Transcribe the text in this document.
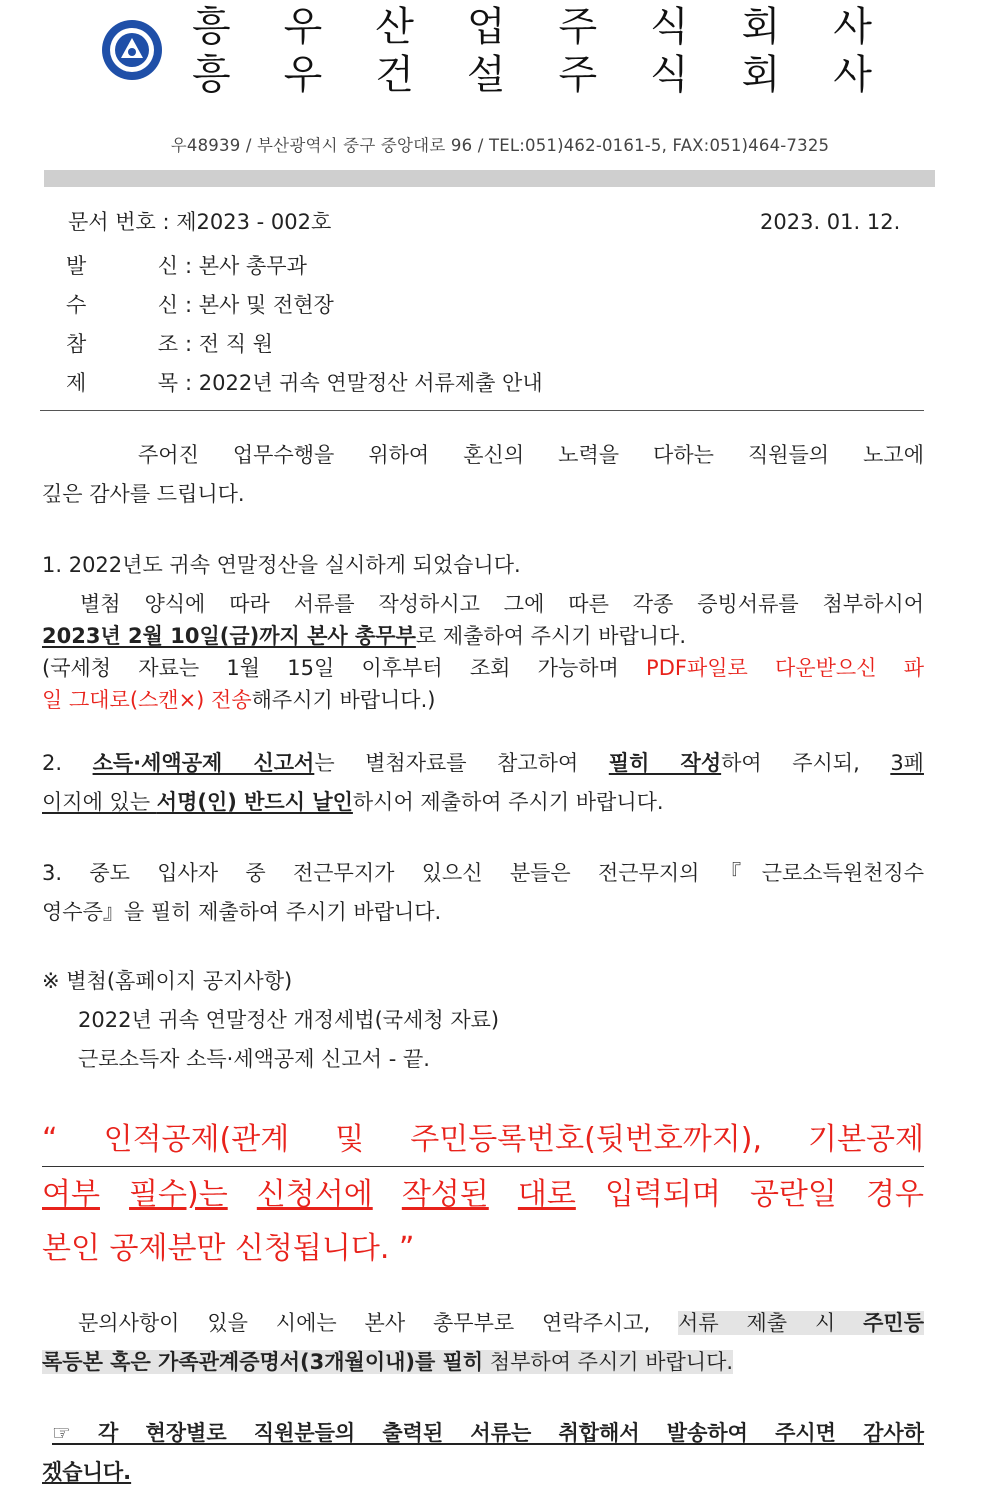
흥 우 산 업 주 식 회 사
흥 우 건 설 주 식 회 사
우48939 / 부산광역시 중구 중앙대로 96 / TEL:051)462-0161-5, FAX:051)464-7325
문서 번호 : 제2023 - 002호	2023. 01. 12.
발	신 : 본사 총무과
수	신 : 본사 및 전현장
참	조 : 전 직 원
제	목 : 2022년 귀속 연말정산 서류제출 안내
주어진 업무수행을 위하여 혼신의 노력을 다하는 직원들의 노고에
깊은 감사를 드립니다.
1. 2022년도 귀속 연말정산을 실시하게 되었습니다.
별첨 양식에 따라 서류를 작성하시고 그에 따른 각종 증빙서류를 첨부하시어
2023년 2월 10일(금)까지 본사 총무부로 제출하여 주시기 바랍니다.
(국세청 자료는 1월 15일 이후부터 조회 가능하며 PDF파일로 다운받으신 파
일 그대로(스캔×) 전송해주시기 바랍니다.)
2. 소득·세액공제 신고서는 별첨자료를 참고하여 필히 작성하여 주시되, 3페
이지에 있는 서명(인) 반드시 날인하시어 제출하여 주시기 바랍니다.
3. 중도 입사자 중 전근무지가 있으신 분들은 전근무지의『근로소득원천징수
영수증』을 필히 제출하여 주시기 바랍니다.
※ 별첨(홈페이지 공지사항)
2022년 귀속 연말정산 개정세법(국세청 자료)
근로소득자 소득·세액공제 신고서 - 끝.
“ 인적공제(관계 및 주민등록번호(뒷번호까지), 기본공제
여부 필수)는 신청서에 작성된 대로 입력되며 공란일 경우
본인 공제분만 신청됩니다. ”
문의사항이 있을 시에는 본사 총무부로 연락주시고, 서류 제출 시 주민등
록등본 혹은 가족관계증명서(3개월이내)를 필히 첨부하여 주시기 바랍니다.
☞ 각 현장별로 직원분들의 출력된 서류는 취합해서 발송하여 주시면 감사하
겠습니다.
